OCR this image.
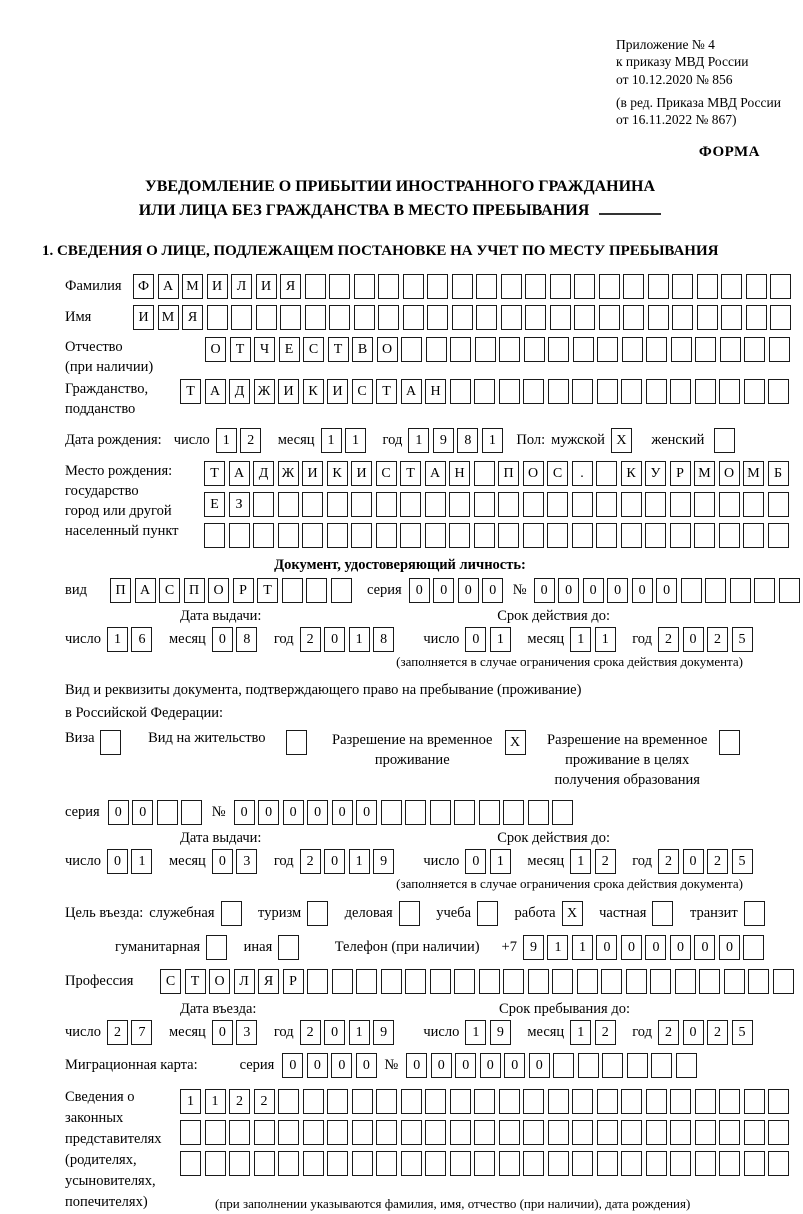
Приложение № 4
к приказу МВД России
от 10.12.2020 № 856
(в ред. Приказа МВД России
от 16.11.2022 № 867)
ФОРМА
УВЕДОМЛЕНИЕ О ПРИБЫТИИ ИНОСТРАННОГО ГРАЖДАНИНА
ИЛИ ЛИЦА БЕЗ ГРАЖДАНСТВА В МЕСТО ПРЕБЫВАНИЯ
1. СВЕДЕНИЯ О ЛИЦЕ, ПОДЛЕЖАЩЕМ ПОСТАНОВКЕ НА УЧЕТ ПО МЕСТУ ПРЕБЫВАНИЯ
Фамилия	Ф А М И	Л	И	Я
Имя	И М Я
Отчество
(при наличии)
О	Т	Ч	Е	С	Т	В	О
Гражданство,
подданство
Т	А	Д Ж И	К	И	С	Т	А	Н
Дата рождения: число 1	2	месяц 1	1	год 1	9	8	1	Пол: мужской X	женский
Место рождения:
государство
город или другой
населенный пункт
Т	А	Д Ж И	К	И	С	Т	А	Н	П	О	С	.	К	У	Р	М О М	Б
Е	З
Документ, удостоверяющий личность:
вид	П	А	С	П	О	Р	Т	серия	0	0	0	0	№	0	0	0	0	0	0
Дата выдачи:	Срок действия до:
число 1	6	месяц 0	8	год 2	0	1	8	число 0	1	месяц 1	1	год 2	0	2	5
(заполняется в случае ограничения срока действия документа)
Вид и реквизиты документа, подтверждающего право на пребывание (проживание)
в Российской Федерации:
Виза	Вид на жительство	Разрешение на временное
проживание
X	Разрешение на временное
проживание в целях
получения образования
серия	0	0	№	0	0	0	0	0	0
Дата выдачи:	Срок действия до:
число 0	1	месяц 0	3	год 2	0	1	9	число 0	1	месяц 1	2	год 2	0	2	5
(заполняется в случае ограничения срока действия документа)
Цель въезда: служебная	туризм	деловая	учеба	работа X	частная	транзит
гуманитарная	иная	Телефон (при наличии) +7 9	1	1	0	0	0	0	0	0
Профессия	С	Т	О	Л	Я	Р
Дата въезда:	Срок пребывания до:
число 2	7	месяц 0	3	год 2	0	1	9	число 1	9	месяц 1	2	год 2	0	2	5
Миграционная карта:	серия	0	0	0	0	№	0	0	0	0	0	0
Сведения о
законных
представителях
(родителях,
усыновителях,
попечителях)
1	1	2	2
(при заполнении указываются фамилия, имя, отчество (при наличии), дата рождения)
